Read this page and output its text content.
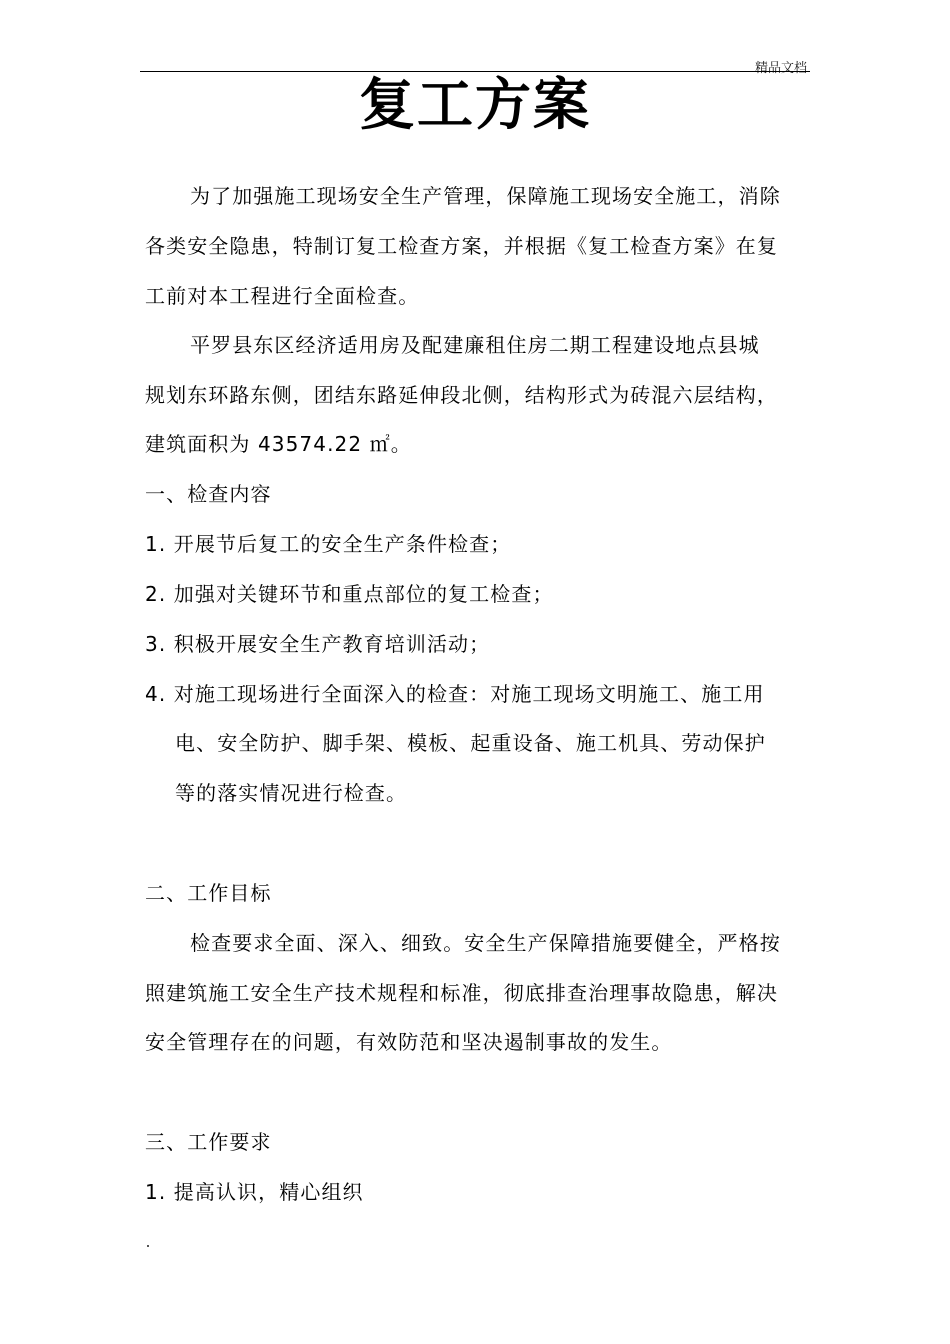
精品文档
复工方案
为了加强施工现场安全生产管理，保障施工现场安全施工，消除
各类安全隐患，特制订复工检查方案，并根据《复工检查方案》在复
工前对本工程进行全面检查。
平罗县东区经济适用房及配建廉租住房二期工程建设地点县城
规划东环路东侧，团结东路延伸段北侧，结构形式为砖混六层结构，
建筑面积为 43574.22 ㎡。
一、检查内容
1. 开展节后复工的安全生产条件检查；
2. 加强对关键环节和重点部位的复工检查；
3. 积极开展安全生产教育培训活动；
4. 对施工现场进行全面深入的检查：对施工现场文明施工、施工用
电、安全防护、脚手架、模板、起重设备、施工机具、劳动保护
等的落实情况进行检查。
二、工作目标
检查要求全面、深入、细致。安全生产保障措施要健全，严格按
照建筑施工安全生产技术规程和标准，彻底排查治理事故隐患，解决
安全管理存在的问题，有效防范和坚决遏制事故的发生。
三、工作要求
1. 提高认识，精心组织
